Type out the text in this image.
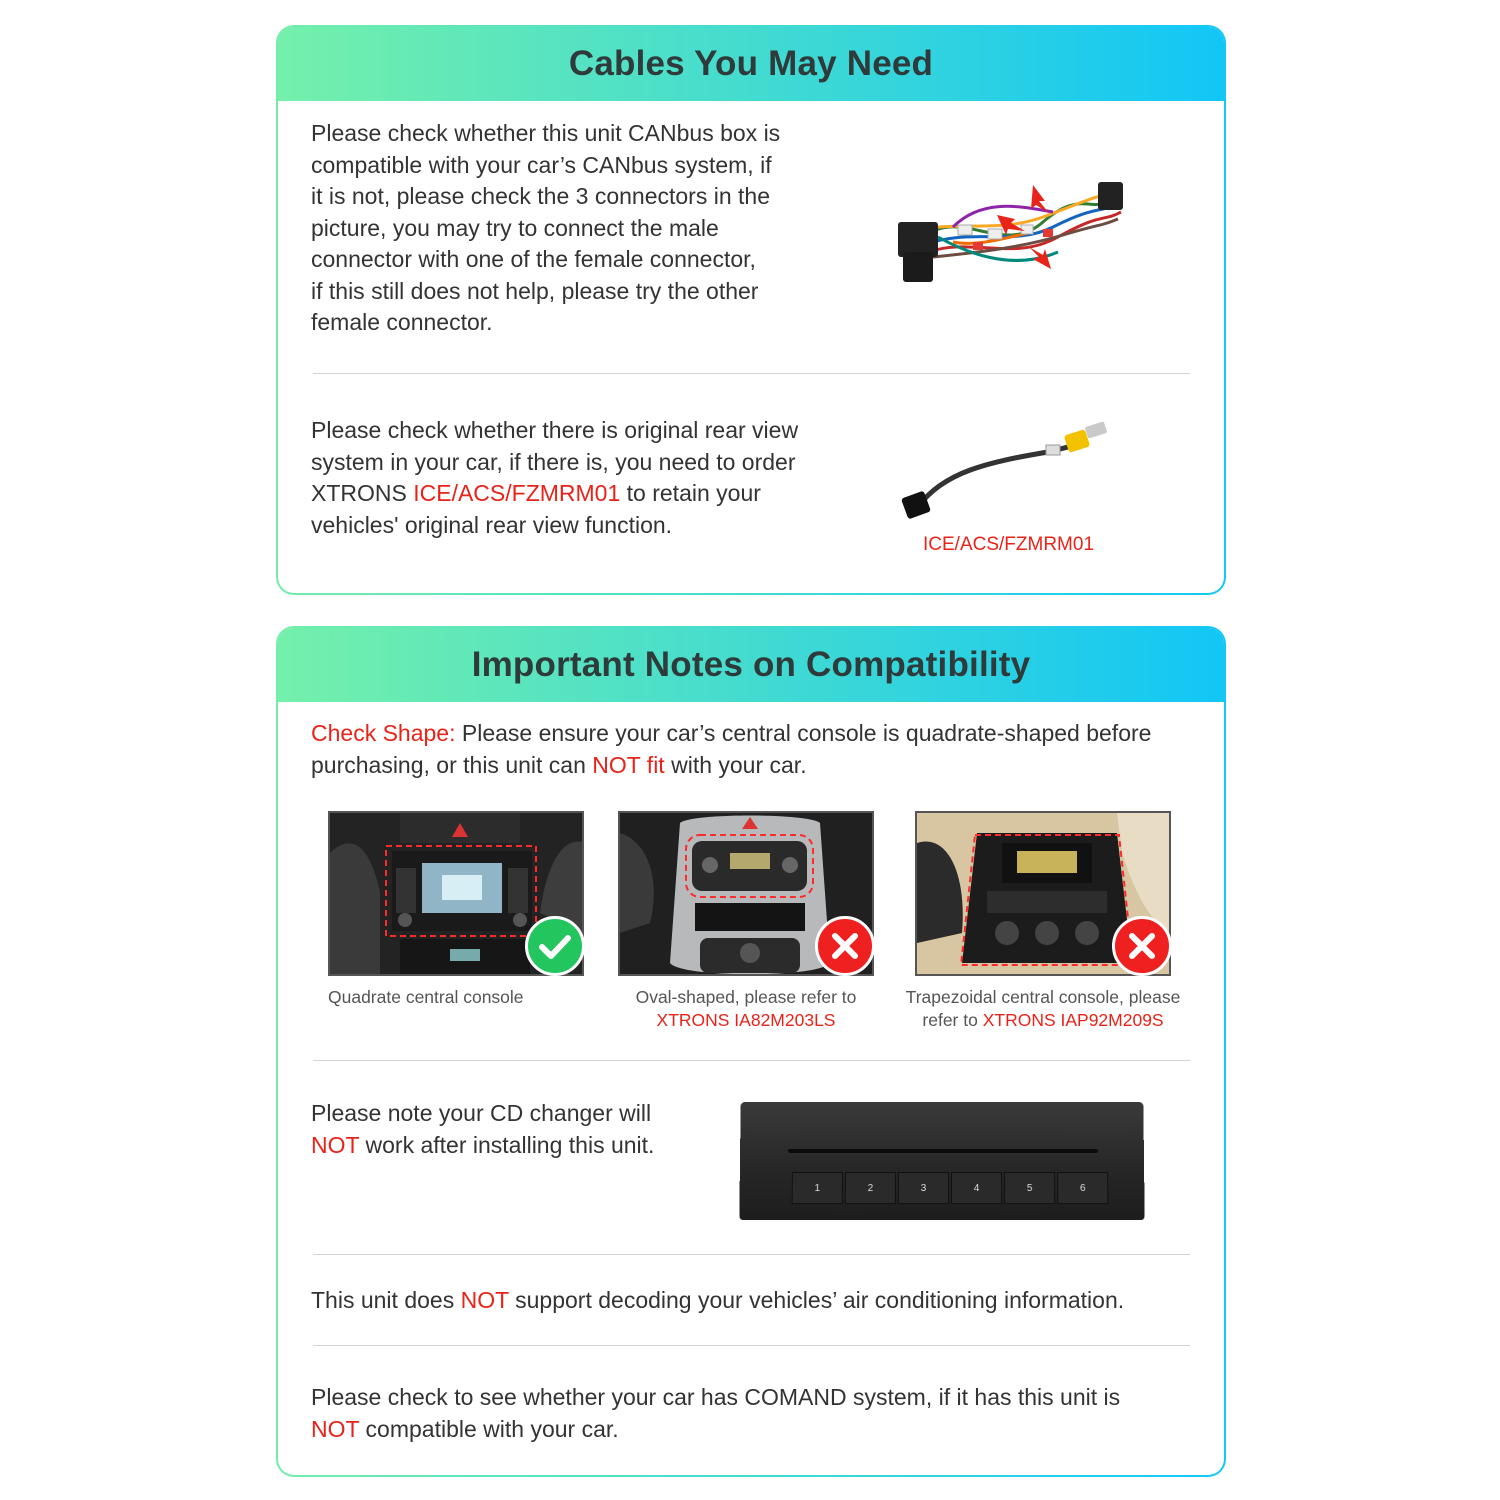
Cables You May Need
Please check whether this unit CANbus box is
compatible with your car’s CANbus system, if
it is not, please check the 3 connectors in the
picture, you may try to connect the male
connector with one of the female connector,
if this still does not help, please try the other
female connector.
Please check whether there is original rear view
system in your car, if there is, you need to order
XTRONS ICE/ACS/FZMRM01 to retain your
vehicles' original rear view function.
ICE/ACS/FZMRM01
Important Notes on Compatibility
Check Shape: Please ensure your car’s central console is quadrate-shaped before
purchasing, or this unit can NOT fit with your car.
Quadrate central console	Oval-shaped, please refer to
XTRONS IA82M203LS
Trapezoidal central console, please
refer to XTRONS IAP92M209S
Please note your CD changer will
NOT work after installing this unit.
1	2	3	4	5	6
This unit does NOT support decoding your vehicles’ air conditioning information.
Please check to see whether your car has COMAND system, if it has this unit is
NOT compatible with your car.
